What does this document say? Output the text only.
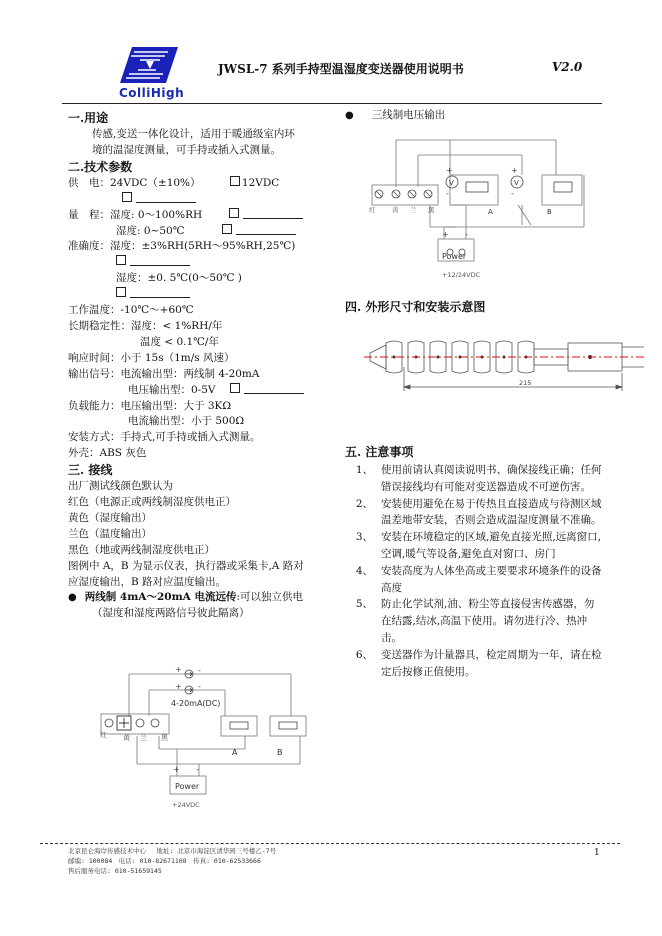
ColliHigh
JWSL-7 系列手持型温湿度变送器使用说明书	V2.0
一.用途
传感,变送一体化设计，适用于暖通级室内环
境的温湿度测量，可手持或插入式测量。
二.技术参数
供　电：24VDC（±10%）	12VDC
量　程：湿度: 0～100%RH
湿度: 0~50℃
准确度：湿度：±3%RH(5RH～95%RH,25℃)
湿度：±0. 5℃(0～50℃ )
工作温度：-10℃～+60℃
长期稳定性：湿度：< 1%RH/年
温度 < 0.1℃/年
响应时间：小于 15s（1m/s 风速）
输出信号：电流输出型：两线制 4-20mA
电压输出型：0-5V
负载能力：电压输出型：大于 3KΩ
电流输出型：小于 500Ω
安装方式：手持式,可手持或插入式测量。
外壳：ABS 灰色
三. 接线
出厂测试线颜色默认为
红色（电源正或两线制湿度供电正）
黄色（湿度输出）
兰色（温度输出）
黑色（地或两线制湿度供电正）
图例中 A，B 为显示仪表，执行器或采集卡,A 路对
应湿度输出，B 路对应温度输出。
● 两线制 4mA～20mA 电流远传:可以独立供电
（湿度和湿度两路信号彼此隔离）
+ -
+ -
4-20mA(DC)
红 黄 兰 黑
A	B
+ -
Power
+24VDC
● 三线制电压输出
V	V
+
-
+
-
红	黄 兰 黑	A	B
+ -
Power
+12/24VDC
四. 外形尺寸和安装示意图
215
五. 注意事项
1、 使用前请认真阅读说明书、确保接线正确；任何错误接线均有可能对变送器造成不可逆伤害。
2、 安装使用避免在易于传热且直接造成与待测区域温差地带安装，否则会造成温湿度测量不准确。
3、 安装在环境稳定的区域,避免直接光照,远离窗口,空调,暖气等设备,避免直对窗口、房门
4、 安装高度为人体坐高或主要要求环境条件的设备高度
5、 防止化学试剂,油、粉尘等直接侵害传感器，勿在结露,结冰,高温下使用。请勿进行冷、热冲击。
6、 变送器作为计量器具，检定周期为一年，请在检定后按修正值使用。
北京昆仑海岸传感技术中心　 地址: 北京市海淀区清华园三号楼乙-7号
邮编: 100084　电话: 010-82671108　传真: 010-62533666
售后服务电话: 010-51659145
1
